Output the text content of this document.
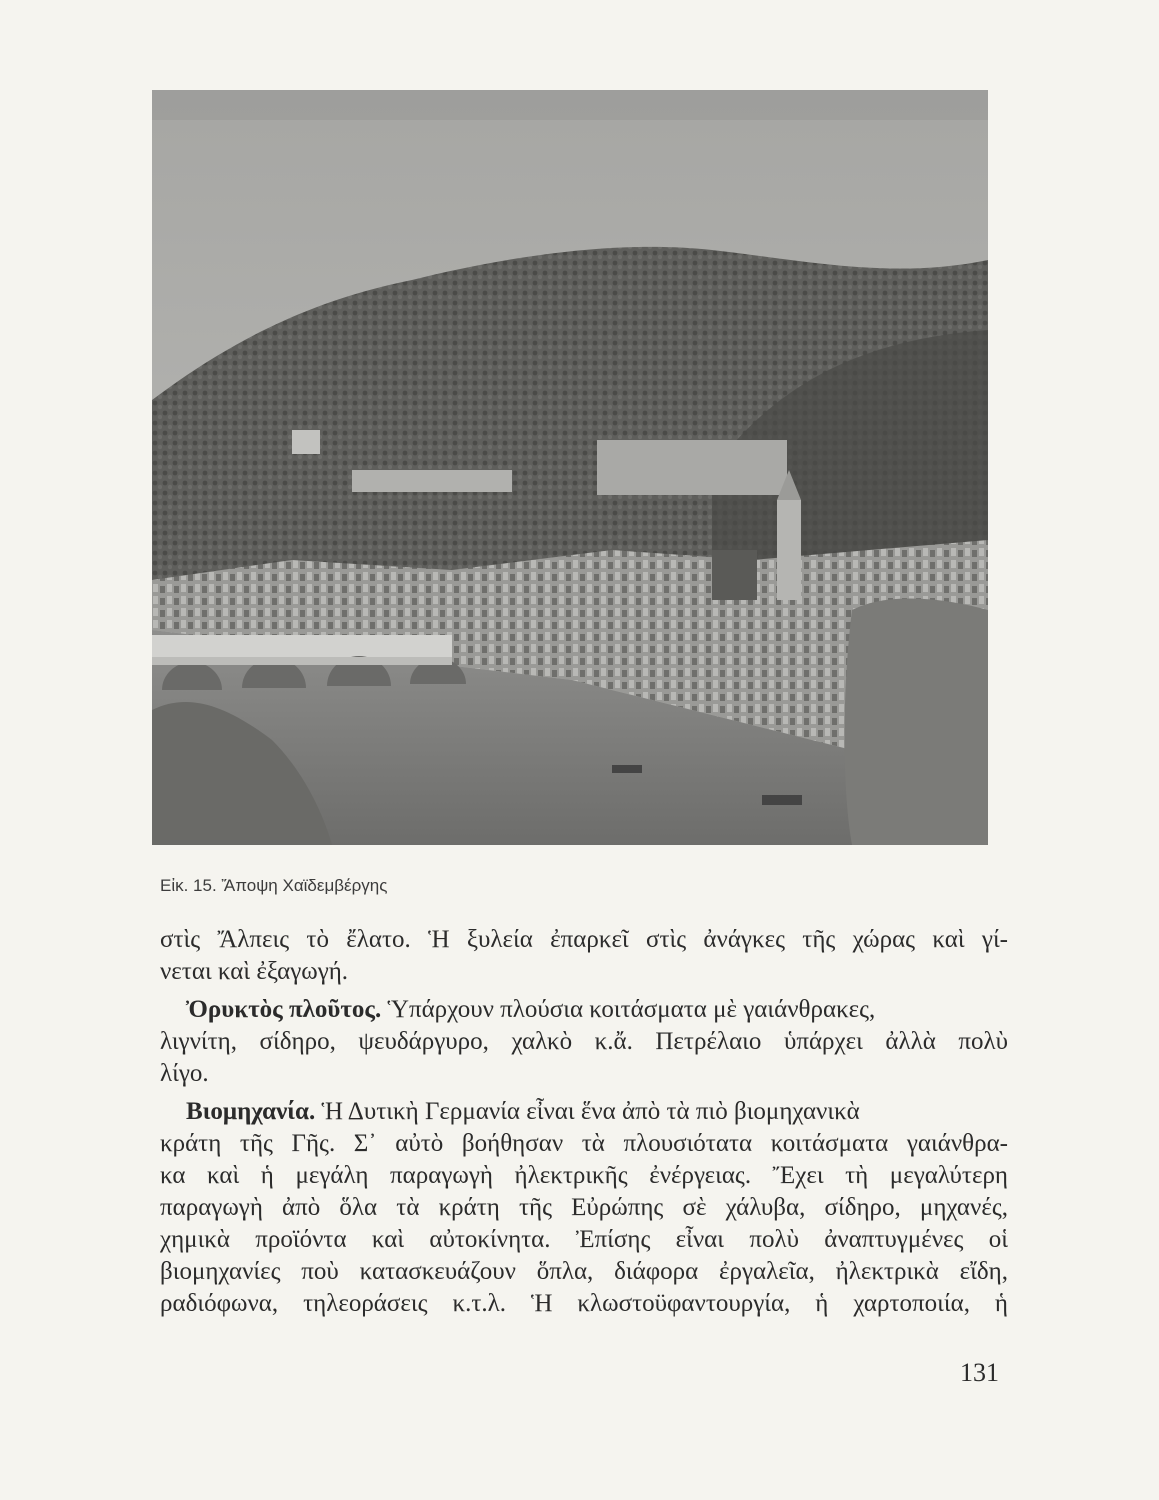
Εἰκ. 15. Ἄποψη Χαϊδεμβέργης
στὶς Ἄλπεις τὸ ἔλατο. Ἡ ξυλεία ἐπαρκεῖ στὶς ἀνάγκες τῆς χώρας καὶ γί-
νεται καὶ ἐξαγωγή.
Ὀρυκτὸς πλοῦτος.
Ὑπάρχουν πλούσια κοιτάσματα μὲ γαιάνθρακες,
λιγνίτη, σίδηρο, ψευδάργυρο, χαλκὸ κ.ἄ. Πετρέλαιο ὑπάρχει ἀλλὰ πολὺ
λίγο.
Βιομηχανία.
Ἡ Δυτικὴ Γερμανία εἶναι ἕνα ἀπὸ τὰ πιὸ βιομηχανικὰ
κράτη τῆς Γῆς. Σ᾿ αὐτὸ βοήθησαν τὰ πλουσιότατα κοιτάσματα γαιάνθρα-
κα καὶ ἡ μεγάλη παραγωγὴ ἠλεκτρικῆς ἐνέργειας. Ἔχει τὴ μεγαλύτερη
παραγωγὴ ἀπὸ ὅλα τὰ κράτη τῆς Εὐρώπης σὲ χάλυβα, σίδηρο, μηχανές,
χημικὰ προϊόντα καὶ αὐτοκίνητα. Ἐπίσης εἶναι πολὺ ἀναπτυγμένες οἱ
βιομηχανίες ποὺ κατασκευάζουν ὅπλα, διάφορα ἐργαλεῖα, ἠλεκτρικὰ εἴδη,
ραδιόφωνα, τηλεοράσεις κ.τ.λ. Ἡ κλωστοϋφαντουργία, ἡ χαρτοποιία, ἡ
131
